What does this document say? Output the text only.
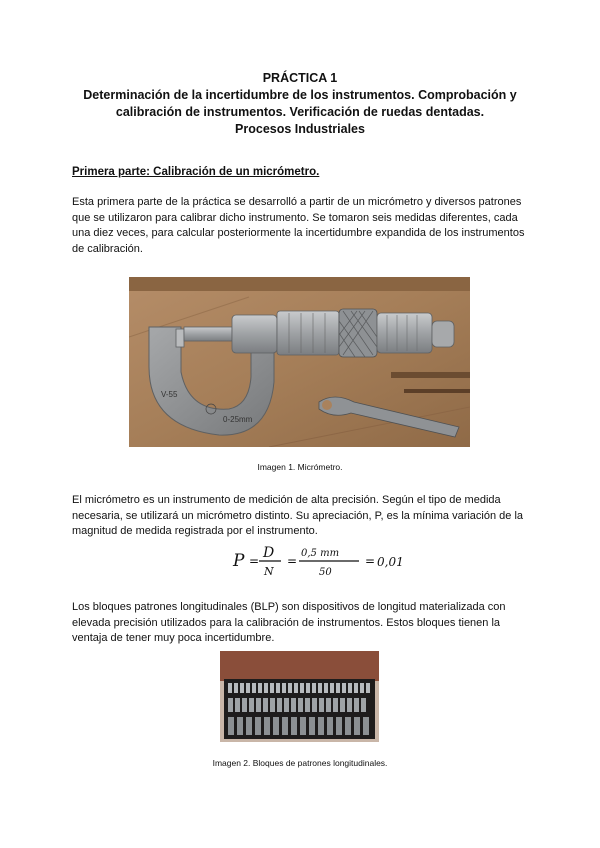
PRÁCTICA 1
Determinación de la incertidumbre de los instrumentos. Comprobación y
calibración de instrumentos. Verificación de ruedas dentadas.
Procesos Industriales
Primera parte: Calibración de un micrómetro.
Esta primera parte de la práctica se desarrolló a partir de un micrómetro y diversos patrones que se utilizaron para calibrar dicho instrumento. Se tomaron seis medidas diferentes, cada una diez veces, para calcular posteriormente la incertidumbre expandida de los instrumentos de calibración.
V-55
0-25mm
Imagen 1. Micrómetro.
El micrómetro es un instrumento de medición de alta precisión. Según el tipo de medida necesaria, se utilizará un micrómetro distinto. Su apreciación, P, es la mínima variación de la magnitud de medida registrada por el instrumento.
P = D
N
=
0,5 mm
50
= 0,01
Los bloques patrones longitudinales (BLP) son dispositivos de longitud materializada con elevada precisión utilizados para la calibración de instrumentos. Estos bloques tienen la ventaja de tener muy poca incertidumbre.
Imagen 2. Bloques de patrones longitudinales.
